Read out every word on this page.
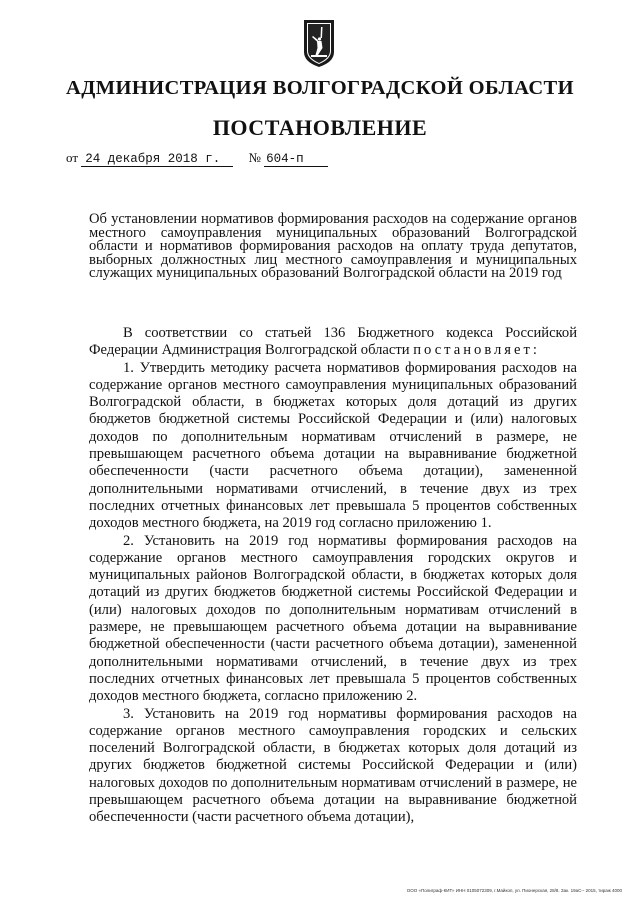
АДМИНИСТРАЦИЯ ВОЛГОГРАДСКОЙ ОБЛАСТИ
ПОСТАНОВЛЕНИЕ
от 24 декабря 2018 г. № 604-п
Об установлении нормативов формирования расходов на содержание органов местного самоуправления муниципальных образований Волгоградской области и нормативов формирования расходов на оплату труда депутатов, выборных должностных лиц местного самоуправления и муниципальных служащих муниципальных образований Волгоградской области на 2019 год

В соответствии со статьей 136 Бюджетного кодекса Российской Федерации Администрация Волгоградской области постановляет:

1. Утвердить методику расчета нормативов формирования расходов на содержание органов местного самоуправления муниципальных образований Волгоградской области, в бюджетах которых доля дотаций из других бюджетов бюджетной системы Российской Федерации и (или) налоговых доходов по дополнительным нормативам отчислений в размере, не превышающем расчетного объема дотации на выравнивание бюджетной обеспеченности (части расчетного объема дотации), замененной дополнительными нормативами отчислений, в течение двух из трех последних отчетных финансовых лет превышала 5 процентов собственных доходов местного бюджета, на 2019 год согласно приложению 1.

2. Установить на 2019 год нормативы формирования расходов на содержание органов местного самоуправления городских округов и муниципальных районов Волгоградской области, в бюджетах которых доля дотаций из других бюджетов бюджетной системы Российской Федерации и (или) налоговых доходов по дополнительным нормативам отчислений в размере, не превышающем расчетного объема дотации на выравнивание бюджетной обеспеченности (части расчетного объема дотации), замененной дополнительными нормативами отчислений, в течение двух из трех последних отчетных финансовых лет превышала 5 процентов собственных доходов местного бюджета, согласно приложению 2.

3. Установить на 2019 год нормативы формирования расходов на содержание органов местного самоуправления городских и сельских поселений Волгоградской области, в бюджетах которых доля дотаций из других бюджетов бюджетной системы Российской Федерации и (или) налоговых доходов по дополнительным нормативам отчислений в размере, не превышающем расчетного объема дотации на выравнивание бюджетной обеспеченности (части расчетного объема дотации),

ООО «Полиграф-КИТ» ИНН 0105072309, г.Майкоп, ул. Пионерская, 28/8. Зак. 19аС-- 2015, тираж 4000
